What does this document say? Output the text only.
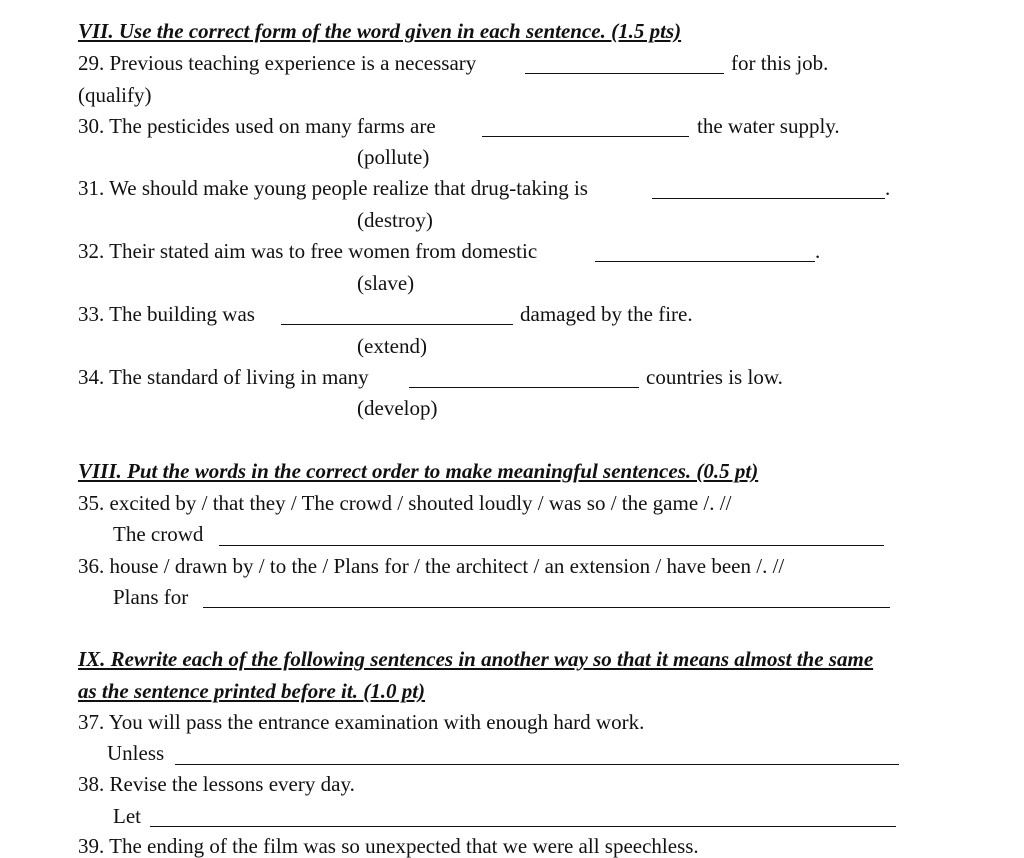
VII. Use the correct form of the word given in each sentence. (1.5 pts)
29. Previous teaching experience is a necessary	for this job.
(qualify)
30. The pesticides used on many farms are	the water supply.
(pollute)
31. We should make young people realize that drug-taking is	.
(destroy)
32. Their stated aim was to free women from domestic	.
(slave)
33. The building was	damaged by the fire.
(extend)
34. The standard of living in many	countries is low.
(develop)
VIII. Put the words in the correct order to make meaningful sentences. (0.5 pt)
35. excited by / that they / The crowd / shouted loudly / was so / the game /. //
The crowd
36. house / drawn by / to the / Plans for / the architect / an extension / have been /. //
Plans for
IX. Rewrite each of the following sentences in another way so that it means almost the same
as the sentence printed before it. (1.0 pt)
37. You will pass the entrance examination with enough hard work.
Unless
38. Revise the lessons every day.
Let
39. The ending of the film was so unexpected that we were all speechless.
